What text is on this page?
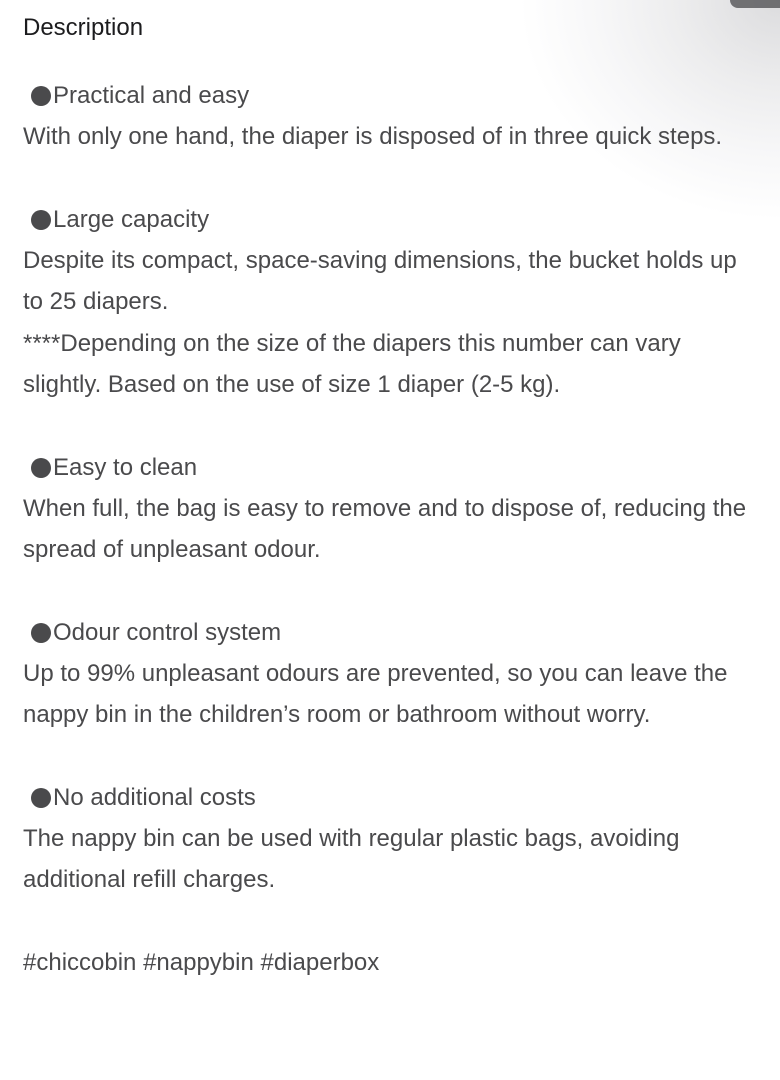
Description
Practical and easy

With only one hand, the diaper is disposed of in three quick steps.

Large capacity

Despite its compact, space-saving dimensions, the bucket holds up to 25 diapers.

****Depending on the size of the diapers this number can vary slightly. Based on the use of size 1 diaper (2-5 kg).

Easy to clean

When full, the bag is easy to remove and to dispose of, reducing the spread of unpleasant odour.

Odour control system

Up to 99% unpleasant odours are prevented, so you can leave the nappy bin in the children’s room or bathroom without worry.

No additional costs

The nappy bin can be used with regular plastic bags, avoiding additional refill charges.

#chiccobin #nappybin #diaperbox
